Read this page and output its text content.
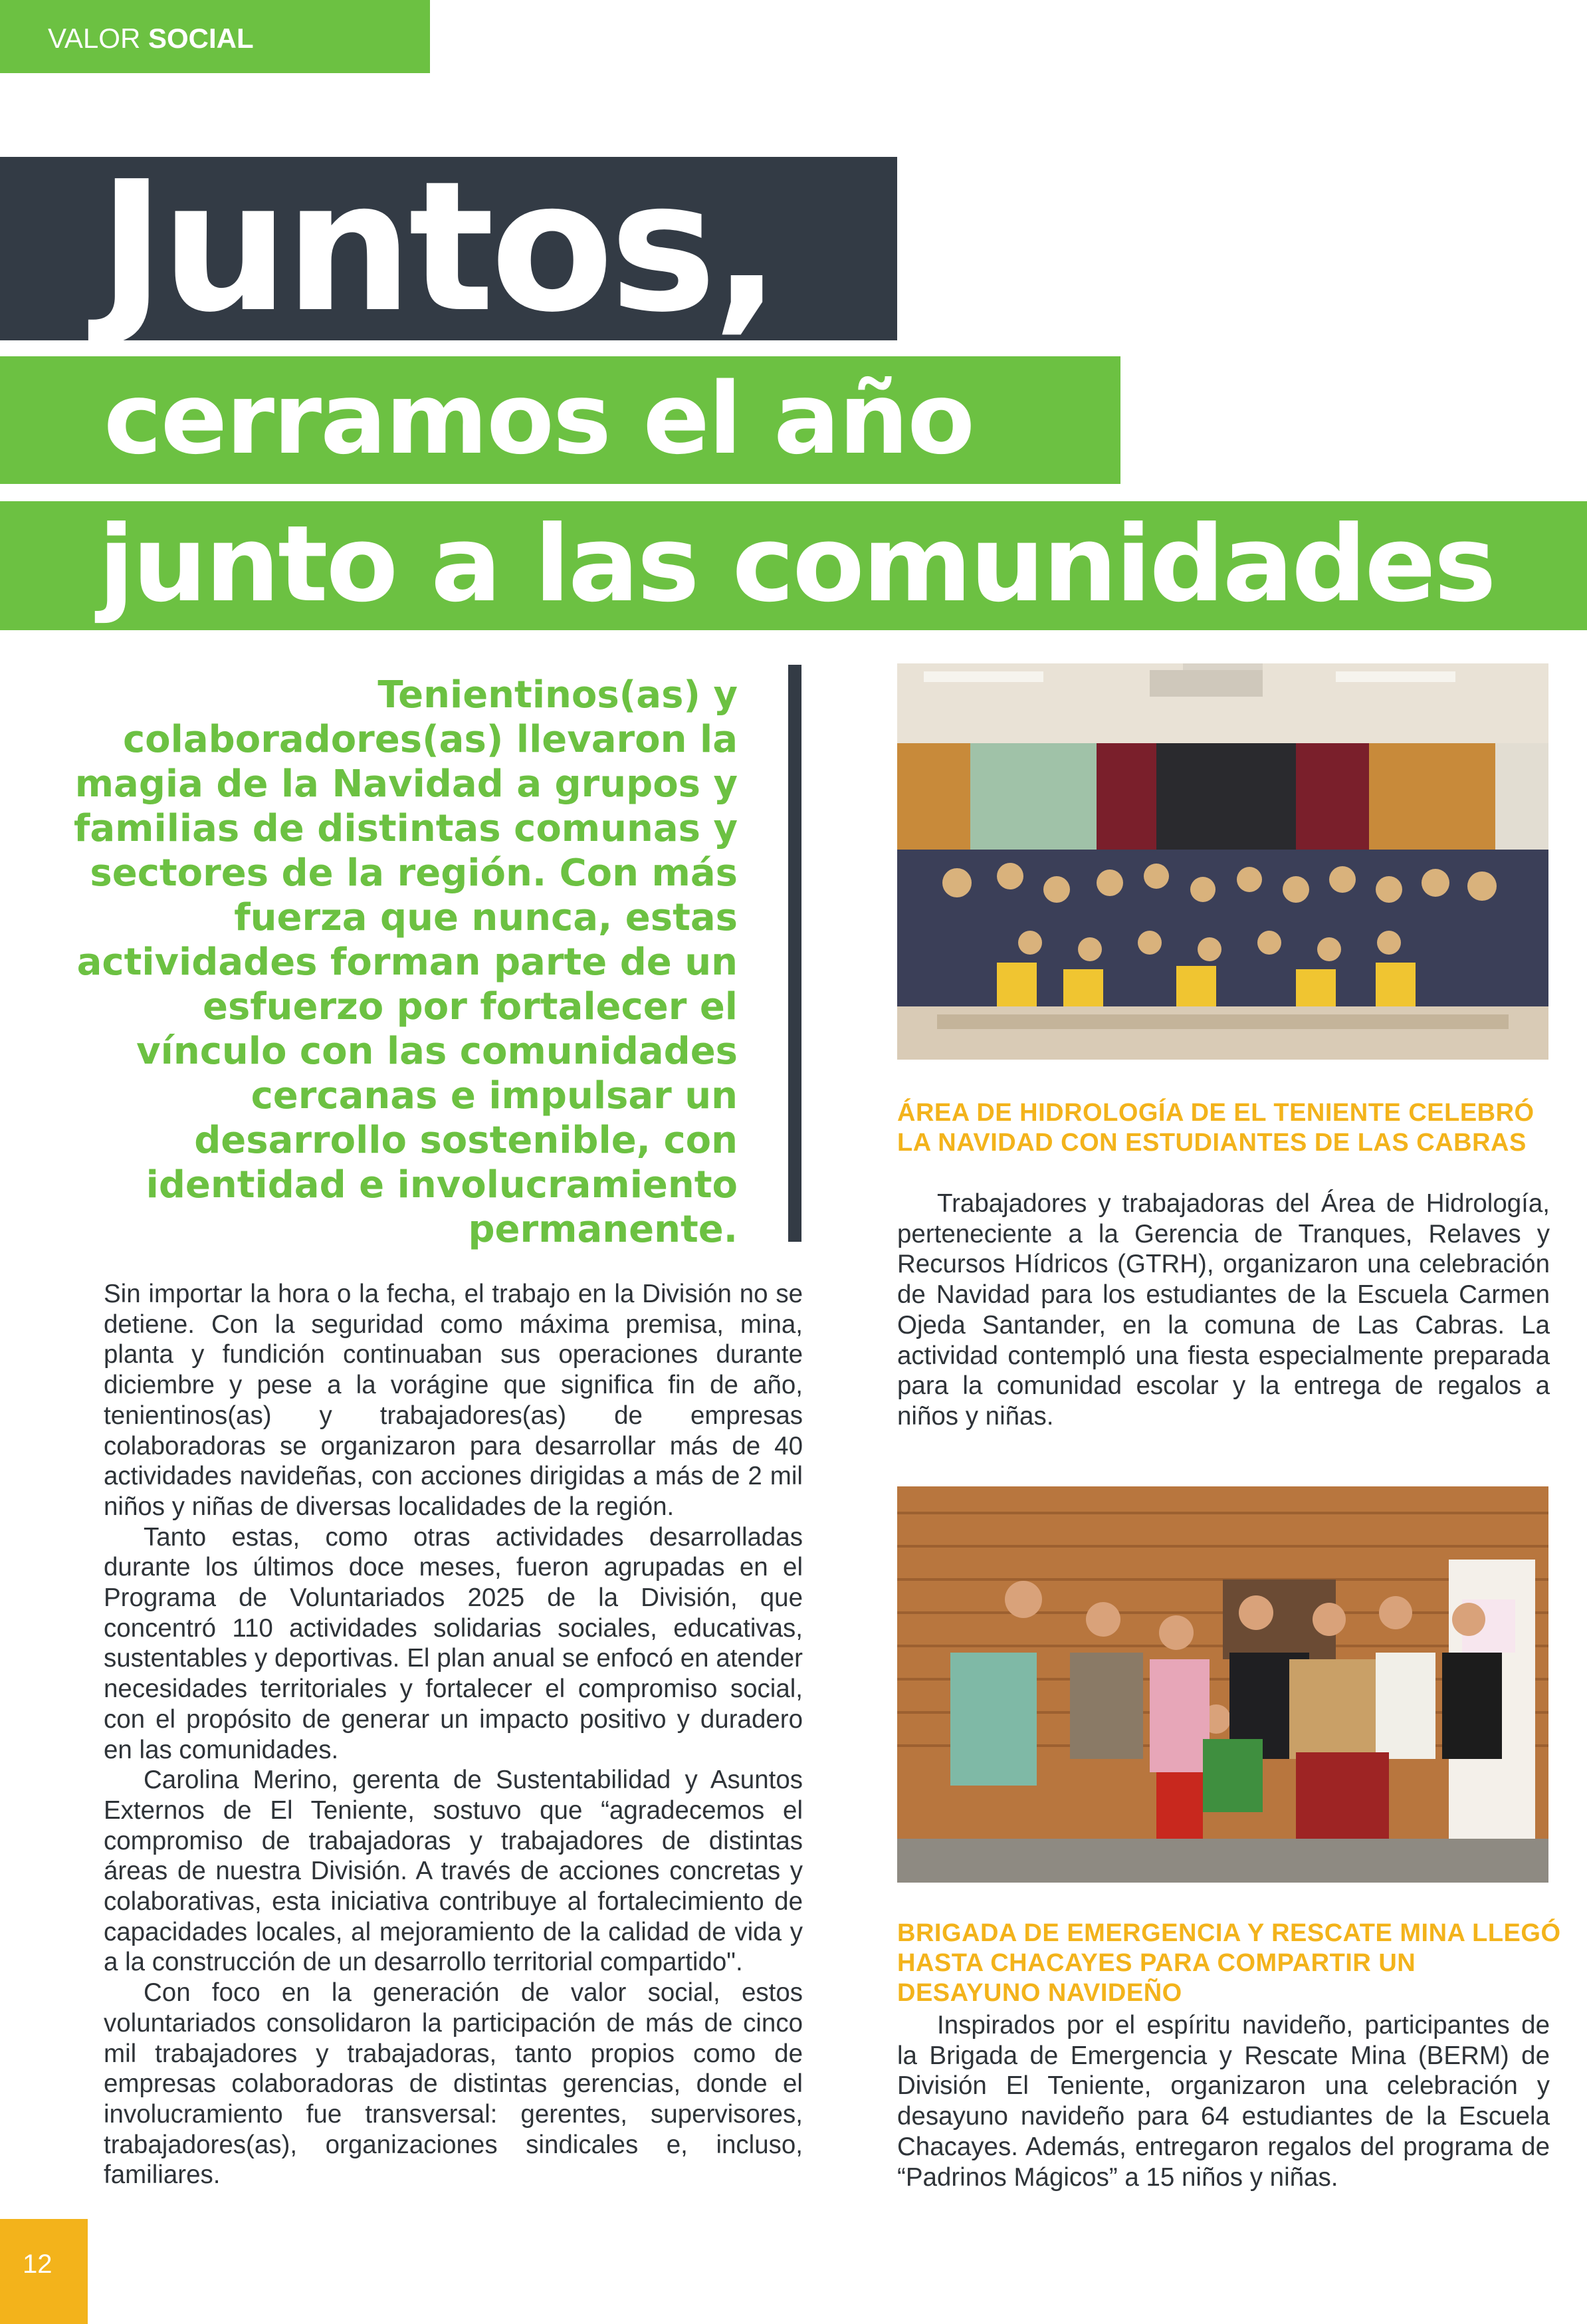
VALOR SOCIAL
Juntos,
cerramos el año
junto a las comunidades
Tenientinos(as) y colaboradores(as) llevaron la magia de la Navidad a grupos y familias de distintas comunas y sectores de la región. Con más fuerza que nunca, estas actividades forman parte de un esfuerzo por fortalecer el vínculo con las comunidades cercanas e impulsar un desarrollo sostenible, con identidad e involucramiento permanente.

Sin importar la hora o la fecha, el trabajo en la División no se detiene. Con la seguridad como máxima premisa, mina, planta y fundición continuaban sus operaciones durante diciembre y pese a la vorágine que significa fin de año, tenientinos(as) y trabajadores(as) de empresas colaboradoras se organizaron para desarrollar más de 40 actividades navideñas, con acciones dirigidas a más de 2 mil niños y niñas de diversas localidades de la región.

Tanto estas, como otras actividades desarrolladas durante los últimos doce meses, fueron agrupadas en el Programa de Voluntariados 2025 de la División, que concentró 110 actividades solidarias sociales, educativas, sustentables y deportivas. El plan anual se enfocó en atender necesidades territoriales y fortalecer el compromiso social, con el propósito de generar un impacto positivo y duradero en las comunidades.

Carolina Merino, gerenta de Sustentabilidad y Asuntos Externos de El Teniente, sostuvo que “agradecemos el compromiso de trabajadoras y trabajadores de distintas áreas de nuestra División. A través de acciones concretas y colaborativas, esta iniciativa contribuye al fortalecimiento de capacidades locales, al mejoramiento de la calidad de vida y a la construcción de un desarrollo territorial compartido".

Con foco en la generación de valor social, estos voluntariados consolidaron la participación de más de cinco mil trabajadores y trabajadoras, tanto propios como de empresas colaboradoras de distintas gerencias, donde el involucramiento fue transversal: gerentes, supervisores, trabajadores(as), organizaciones sindicales e, incluso, familiares.

ÁREA DE HIDROLOGÍA DE EL TENIENTE CELEBRÓ LA NAVIDAD CON ESTUDIANTES DE LAS CABRAS

Trabajadores y trabajadoras del Área de Hidrología, perteneciente a la Gerencia de Tranques, Relaves y Recursos Hídricos (GTRH), organizaron una celebración de Navidad para los estudiantes de la Escuela Carmen Ojeda Santander, en la comuna de Las Cabras. La actividad contempló una fiesta especialmente preparada para la comunidad escolar y la entrega de regalos a niños y niñas.

BRIGADA DE EMERGENCIA Y RESCATE MINA LLEGÓ HASTA CHACAYES PARA COMPARTIR UN DESAYUNO NAVIDEÑO

Inspirados por el espíritu navideño, participantes de la Brigada de Emergencia y Rescate Mina (BERM) de División El Teniente, organizaron una celebración y desayuno navideño para 64 estudiantes de la Escuela Chacayes. Además, entregaron regalos del programa de “Padrinos Mágicos” a 15 niños y niñas.

12
